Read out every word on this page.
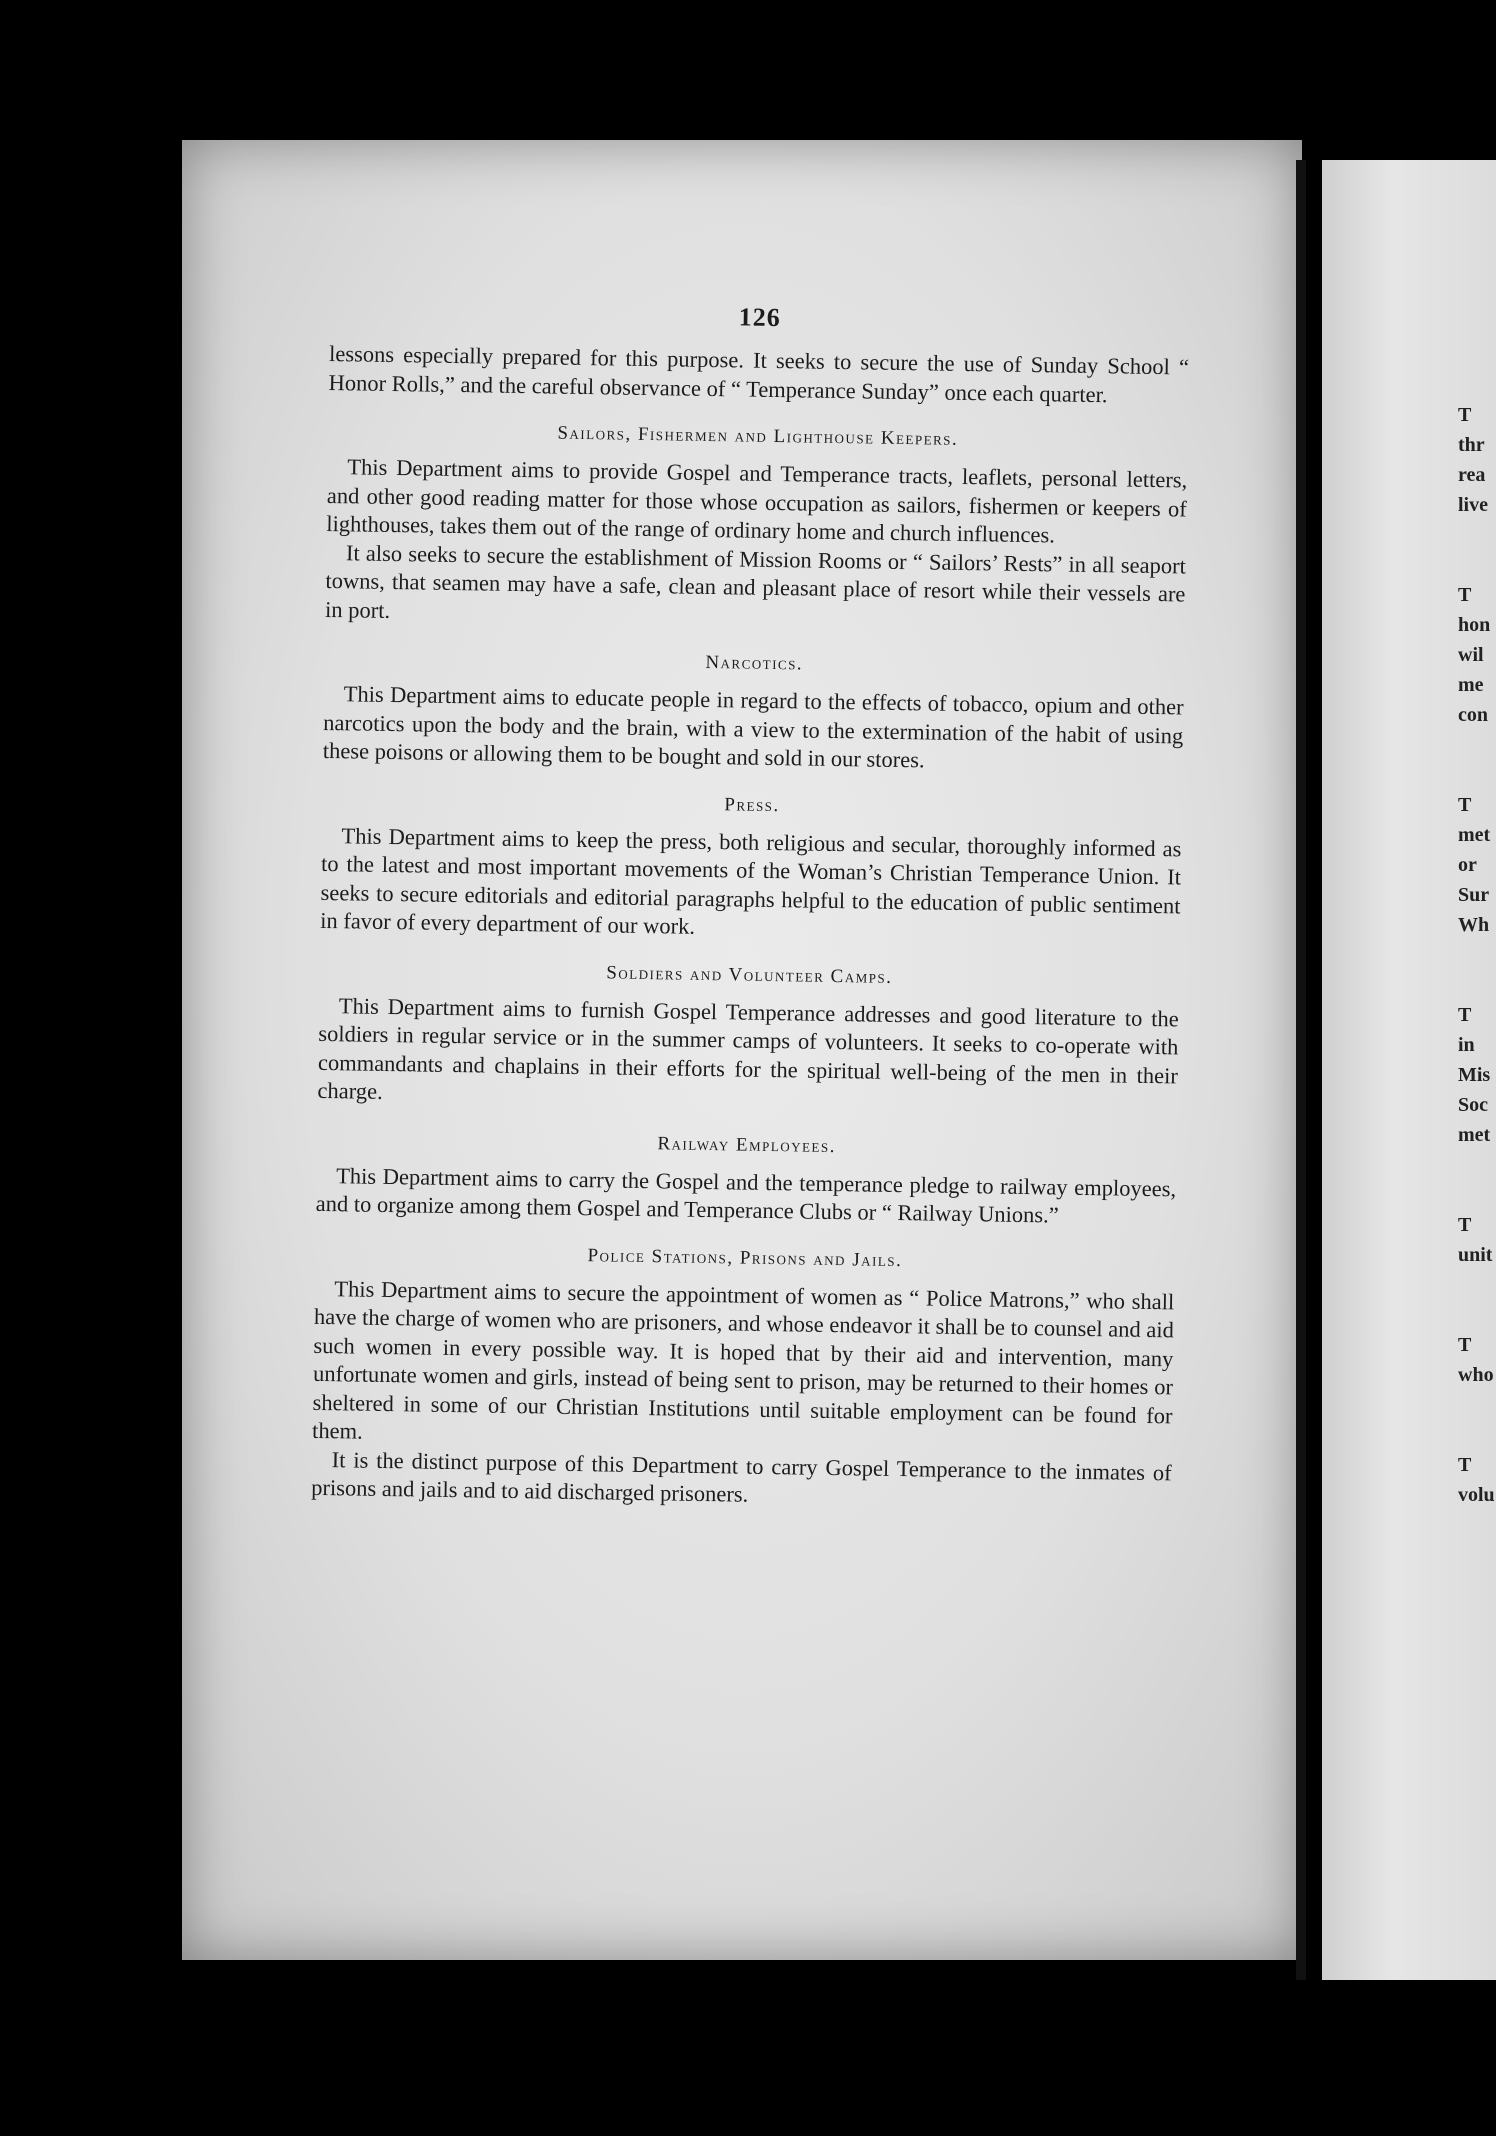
126

lessons especially prepared for this purpose. It seeks to secure the use of Sunday School “ Honor Rolls,” and the careful observance of “ Temperance Sunday” once each quarter.

Sailors, Fishermen and Lighthouse Keepers.

This Department aims to provide Gospel and Temperance tracts, leaflets, personal letters, and other good reading matter for those whose occupation as sailors, fishermen or keepers of lighthouses, takes them out of the range of ordinary home and church influences.

It also seeks to secure the establishment of Mission Rooms or “ Sailors’ Rests” in all seaport towns, that seamen may have a safe, clean and pleasant place of resort while their vessels are in port.

Narcotics.

This Department aims to educate people in regard to the effects of tobacco, opium and other narcotics upon the body and the brain, with a view to the extermination of the habit of using these poisons or allowing them to be bought and sold in our stores.

Press.

This Department aims to keep the press, both religious and secular, thoroughly informed as to the latest and most important movements of the Woman’s Christian Temperance Union. It seeks to secure editorials and editorial paragraphs helpful to the education of public sentiment in favor of every department of our work.

Soldiers and Volunteer Camps.

This Department aims to furnish Gospel Temperance addresses and good literature to the soldiers in regular service or in the summer camps of volunteers. It seeks to co-operate with commandants and chaplains in their efforts for the spiritual well-being of the men in their charge.

Railway Employees.

This Department aims to carry the Gospel and the temperance pledge to railway employees, and to organize among them Gospel and Temperance Clubs or “ Railway Unions.”

Police Stations, Prisons and Jails.

This Department aims to secure the appointment of women as “ Police Matrons,” who shall have the charge of women who are prisoners, and whose endeavor it shall be to counsel and aid such women in every possible way. It is hoped that by their aid and intervention, many unfortunate women and girls, instead of being sent to prison, may be returned to their homes or sheltered in some of our Christian Institutions until suitable employment can be found for them.

It is the distinct purpose of this Department to carry Gospel Temperance to the inmates of prisons and jails and to aid discharged prisoners.

T
thr
rea
live
T
hon
wil
me
con
T
met
or
Sur
Wh
T
in
Mis
Soc
met
T
unit
T
who
T
volu
